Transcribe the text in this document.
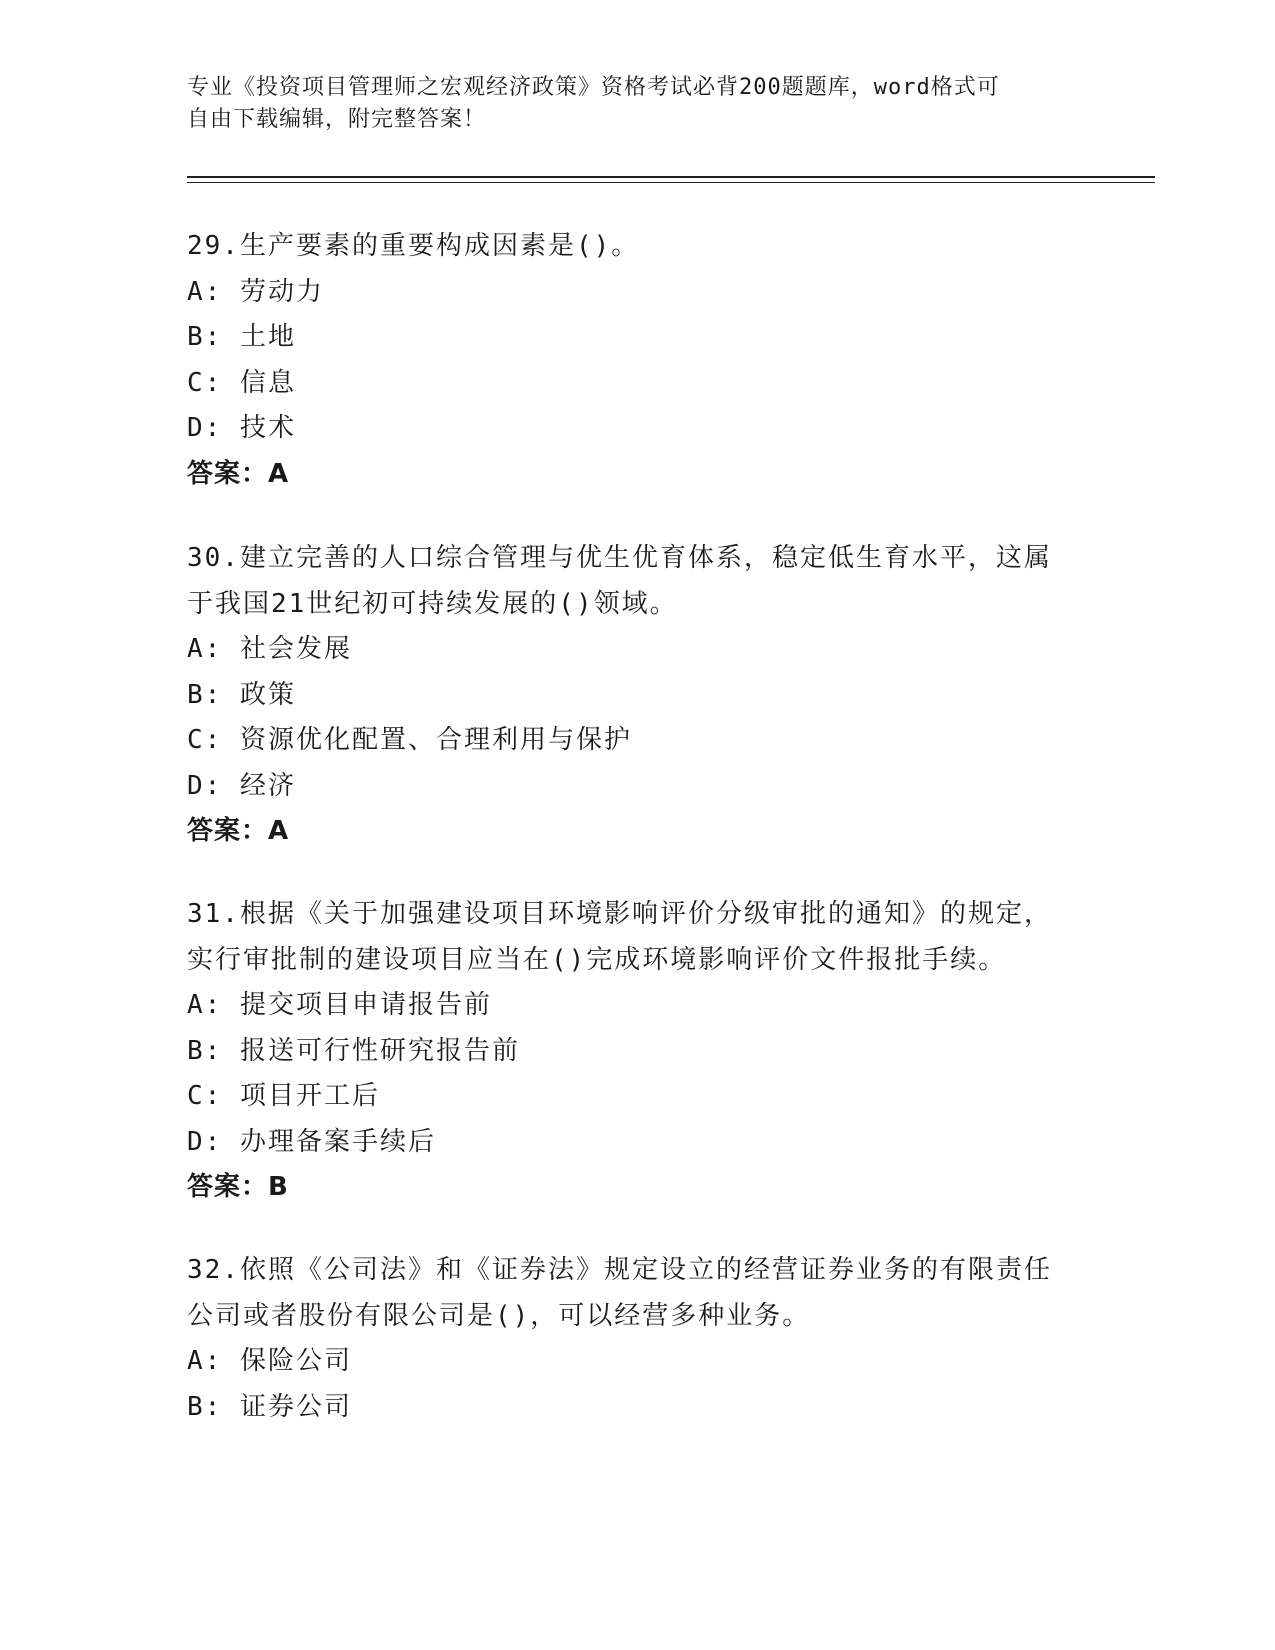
专业《投资项目管理师之宏观经济政策》资格考试必背200题题库，word格式可
自由下载编辑，附完整答案！
29.生产要素的重要构成因素是()。
A: 劳动力
B: 土地
C: 信息
D: 技术
答案：A
30.建立完善的人口综合管理与优生优育体系，稳定低生育水平，这属
于我国21世纪初可持续发展的()领域。
A: 社会发展
B: 政策
C: 资源优化配置、合理利用与保护
D: 经济
答案：A
31.根据《关于加强建设项目环境影响评价分级审批的通知》的规定，
实行审批制的建设项目应当在()完成环境影响评价文件报批手续。
A: 提交项目申请报告前
B: 报送可行性研究报告前
C: 项目开工后
D: 办理备案手续后
答案：B
32.依照《公司法》和《证券法》规定设立的经营证券业务的有限责任
公司或者股份有限公司是()，可以经营多种业务。
A: 保险公司
B: 证券公司
